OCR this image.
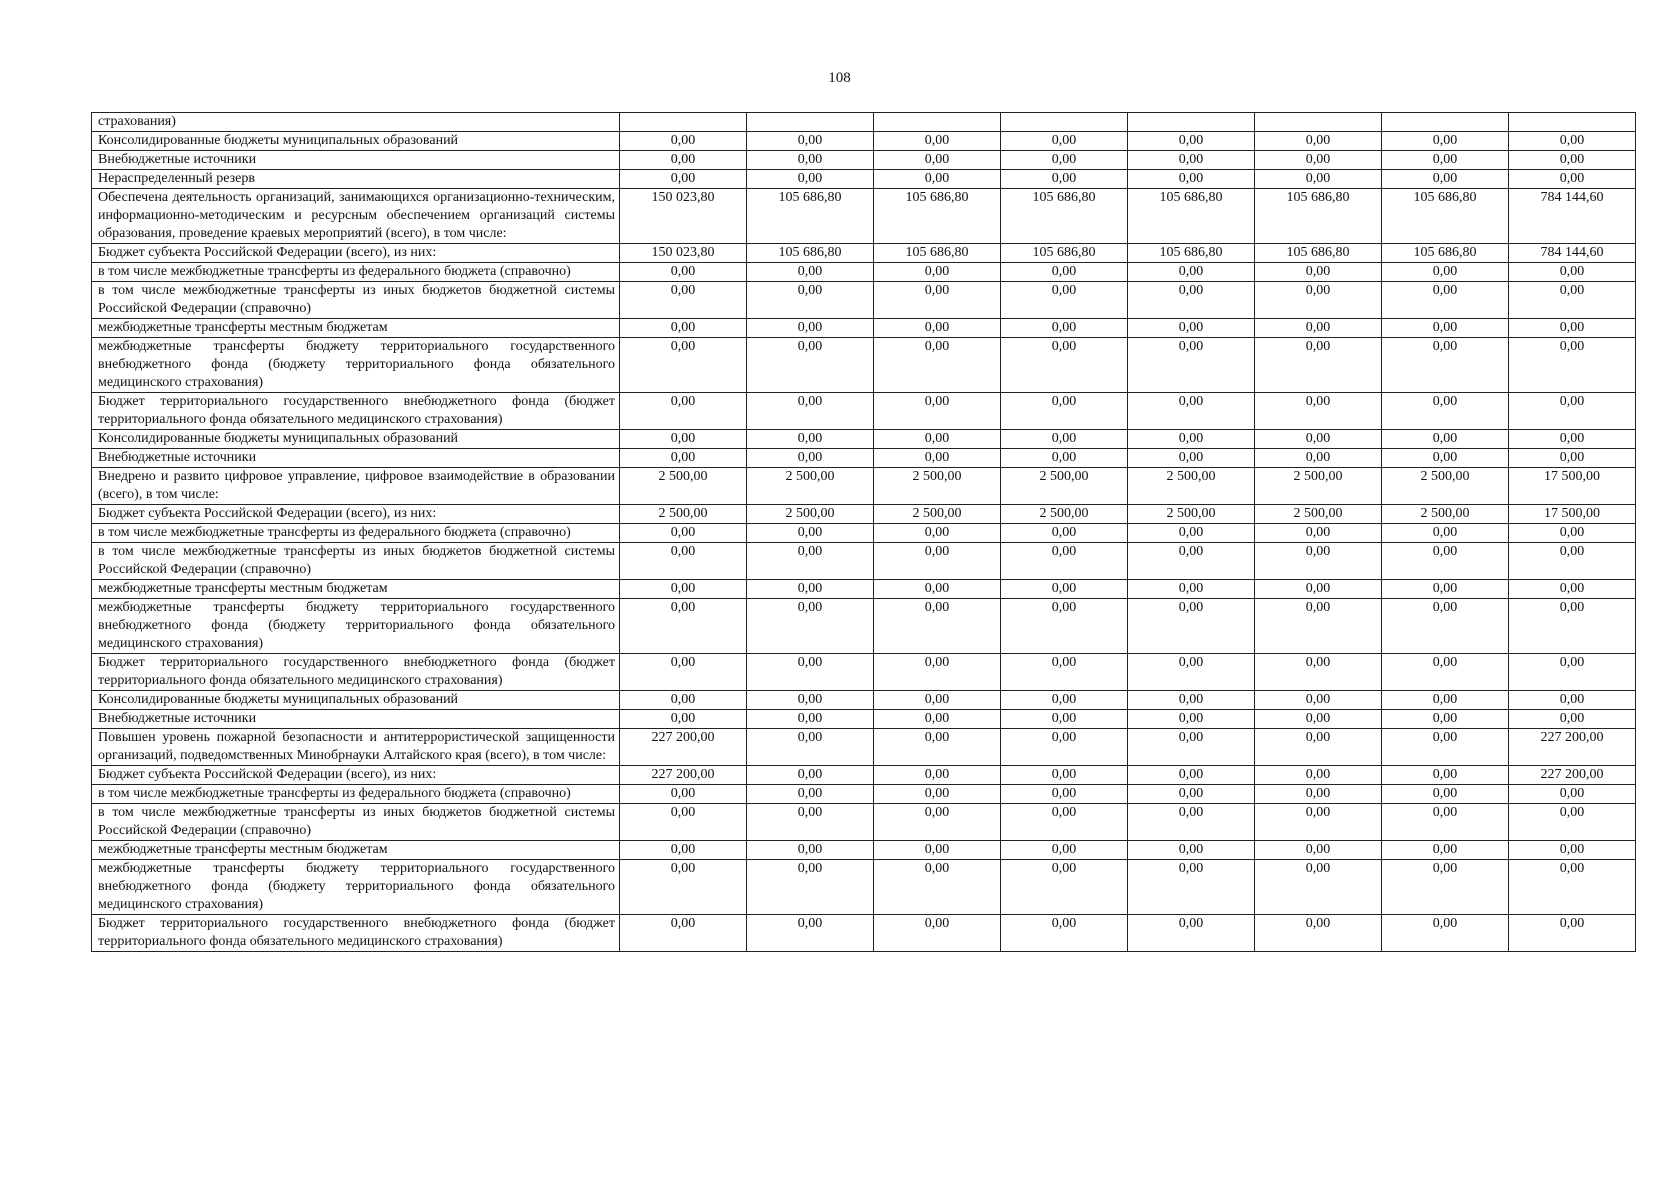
108
страхования)								
Консолидированные бюджеты муниципальных образований	0,00	0,00	0,00	0,00	0,00	0,00	0,00	0,00
Внебюджетные источники	0,00	0,00	0,00	0,00	0,00	0,00	0,00	0,00
Нераспределенный резерв	0,00	0,00	0,00	0,00	0,00	0,00	0,00	0,00
Обеспечена деятельность организаций, занимающихся организационно-техническим, информационно-методическим и ресурсным обеспечением организаций системы образования, проведение краевых мероприятий (всего), в том числе:	150 023,80	105 686,80	105 686,80	105 686,80	105 686,80	105 686,80	105 686,80	784 144,60
Бюджет субъекта Российской Федерации (всего), из них:	150 023,80	105 686,80	105 686,80	105 686,80	105 686,80	105 686,80	105 686,80	784 144,60
в том числе межбюджетные трансферты из федерального бюджета (справочно)	0,00	0,00	0,00	0,00	0,00	0,00	0,00	0,00
в том числе межбюджетные трансферты из иных бюджетов бюджетной системы Российской Федерации (справочно)	0,00	0,00	0,00	0,00	0,00	0,00	0,00	0,00
межбюджетные трансферты местным бюджетам	0,00	0,00	0,00	0,00	0,00	0,00	0,00	0,00
межбюджетные трансферты бюджету территориального государственного внебюджетного фонда (бюджету территориального фонда обязательного медицинского страхования)	0,00	0,00	0,00	0,00	0,00	0,00	0,00	0,00
Бюджет территориального государственного внебюджетного фонда (бюджет территориального фонда обязательного медицинского страхования)	0,00	0,00	0,00	0,00	0,00	0,00	0,00	0,00
Консолидированные бюджеты муниципальных образований	0,00	0,00	0,00	0,00	0,00	0,00	0,00	0,00
Внебюджетные источники	0,00	0,00	0,00	0,00	0,00	0,00	0,00	0,00
Внедрено и развито цифровое управление, цифровое взаимодействие в образовании (всего), в том числе:	2 500,00	2 500,00	2 500,00	2 500,00	2 500,00	2 500,00	2 500,00	17 500,00
Бюджет субъекта Российской Федерации (всего), из них:	2 500,00	2 500,00	2 500,00	2 500,00	2 500,00	2 500,00	2 500,00	17 500,00
в том числе межбюджетные трансферты из федерального бюджета (справочно)	0,00	0,00	0,00	0,00	0,00	0,00	0,00	0,00
в том числе межбюджетные трансферты из иных бюджетов бюджетной системы Российской Федерации (справочно)	0,00	0,00	0,00	0,00	0,00	0,00	0,00	0,00
межбюджетные трансферты местным бюджетам	0,00	0,00	0,00	0,00	0,00	0,00	0,00	0,00
межбюджетные трансферты бюджету территориального государственного внебюджетного фонда (бюджету территориального фонда обязательного медицинского страхования)	0,00	0,00	0,00	0,00	0,00	0,00	0,00	0,00
Бюджет территориального государственного внебюджетного фонда (бюджет территориального фонда обязательного медицинского страхования)	0,00	0,00	0,00	0,00	0,00	0,00	0,00	0,00
Консолидированные бюджеты муниципальных образований	0,00	0,00	0,00	0,00	0,00	0,00	0,00	0,00
Внебюджетные источники	0,00	0,00	0,00	0,00	0,00	0,00	0,00	0,00
Повышен уровень пожарной безопасности и антитеррористической защищенности организаций, подведомственных Минобрнауки Алтайского края (всего), в том числе:	227 200,00	0,00	0,00	0,00	0,00	0,00	0,00	227 200,00
Бюджет субъекта Российской Федерации (всего), из них:	227 200,00	0,00	0,00	0,00	0,00	0,00	0,00	227 200,00
в том числе межбюджетные трансферты из федерального бюджета (справочно)	0,00	0,00	0,00	0,00	0,00	0,00	0,00	0,00
в том числе межбюджетные трансферты из иных бюджетов бюджетной системы Российской Федерации (справочно)	0,00	0,00	0,00	0,00	0,00	0,00	0,00	0,00
межбюджетные трансферты местным бюджетам	0,00	0,00	0,00	0,00	0,00	0,00	0,00	0,00
межбюджетные трансферты бюджету территориального государственного внебюджетного фонда (бюджету территориального фонда обязательного медицинского страхования)	0,00	0,00	0,00	0,00	0,00	0,00	0,00	0,00
Бюджет территориального государственного внебюджетного фонда (бюджет территориального фонда обязательного медицинского страхования)	0,00	0,00	0,00	0,00	0,00	0,00	0,00	0,00
